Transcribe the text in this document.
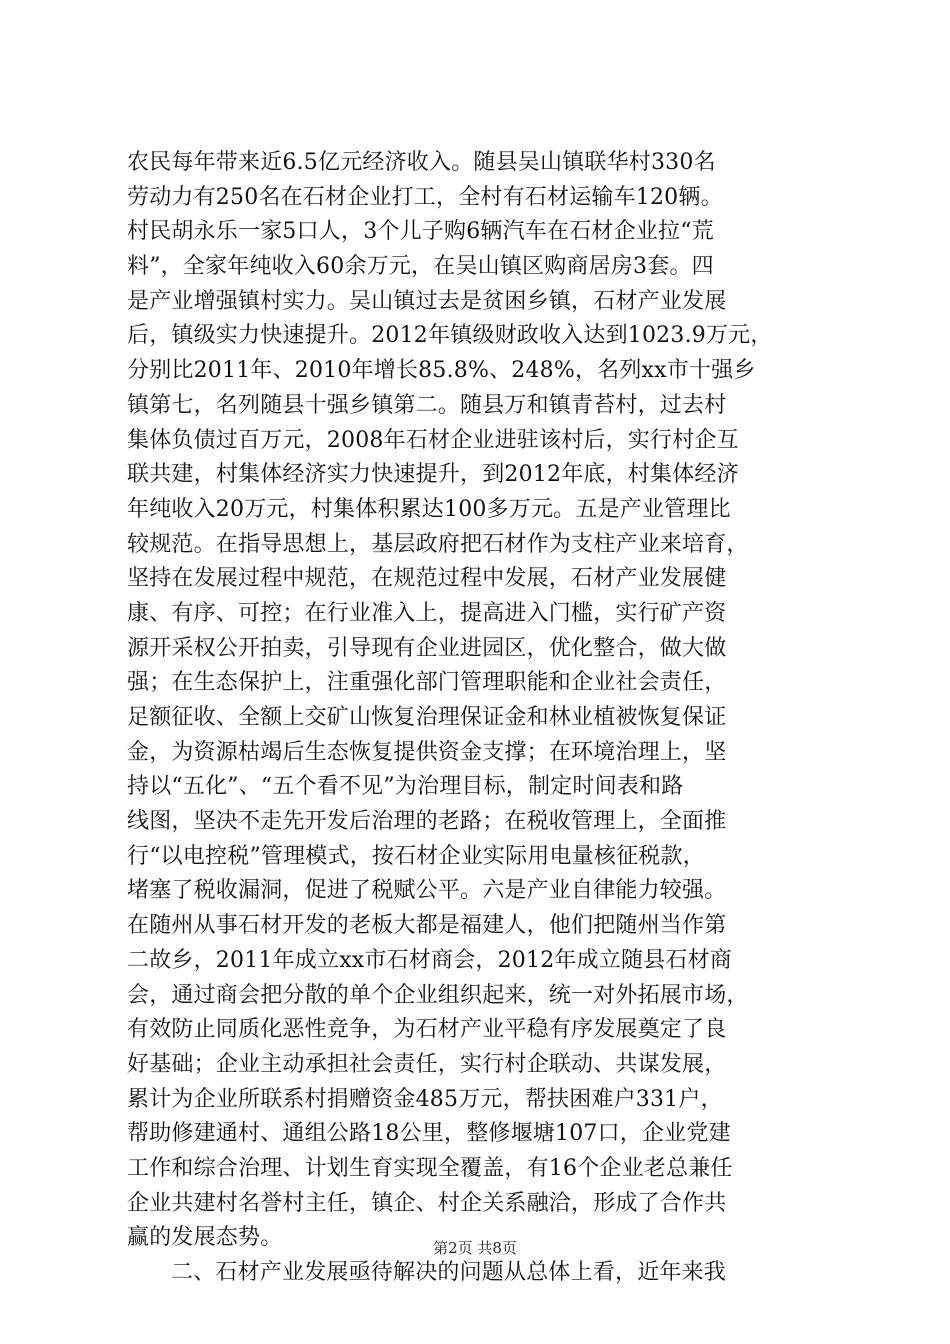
农民每年带来近6.5亿元经济收入。随县吴山镇联华村330名
劳动力有250名在石材企业打工，全村有石材运输车120辆。
村民胡永乐一家5口人，3个儿子购6辆汽车在石材企业拉“荒
料”，全家年纯收入60余万元，在吴山镇区购商居房3套。四
是产业增强镇村实力。吴山镇过去是贫困乡镇，石材产业发展
后，镇级实力快速提升。2012年镇级财政收入达到1023.9万元，
分别比2011年、2010年增长85.8%、248%，名列xx市十强乡
镇第七，名列随县十强乡镇第二。随县万和镇青苔村，过去村
集体负债过百万元，2008年石材企业进驻该村后，实行村企互
联共建，村集体经济实力快速提升，到2012年底，村集体经济
年纯收入20万元，村集体积累达100多万元。五是产业管理比
较规范。在指导思想上，基层政府把石材作为支柱产业来培育，
坚持在发展过程中规范，在规范过程中发展，石材产业发展健
康、有序、可控；在行业准入上，提高进入门槛，实行矿产资
源开采权公开拍卖，引导现有企业进园区，优化整合，做大做
强；在生态保护上，注重强化部门管理职能和企业社会责任，
足额征收、全额上交矿山恢复治理保证金和林业植被恢复保证
金，为资源枯竭后生态恢复提供资金支撑；在环境治理上，坚
持以“五化”、“五个看不见”为治理目标，制定时间表和路
线图，坚决不走先开发后治理的老路；在税收管理上，全面推
行“以电控税”管理模式，按石材企业实际用电量核征税款，
堵塞了税收漏洞，促进了税赋公平。六是产业自律能力较强。
在随州从事石材开发的老板大都是福建人，他们把随州当作第
二故乡，2011年成立xx市石材商会，2012年成立随县石材商
会，通过商会把分散的单个企业组织起来，统一对外拓展市场，
有效防止同质化恶性竞争，为石材产业平稳有序发展奠定了良
好基础；企业主动承担社会责任，实行村企联动、共谋发展，
累计为企业所联系村捐赠资金485万元，帮扶困难户331户，
帮助修建通村、通组公路18公里，整修堰塘107口，企业党建
工作和综合治理、计划生育实现全覆盖，有16个企业老总兼任
企业共建村名誉村主任，镇企、村企关系融洽，形成了合作共
赢的发展态势。
二、石材产业发展亟待解决的问题从总体上看，近年来我
第2页 共8页
